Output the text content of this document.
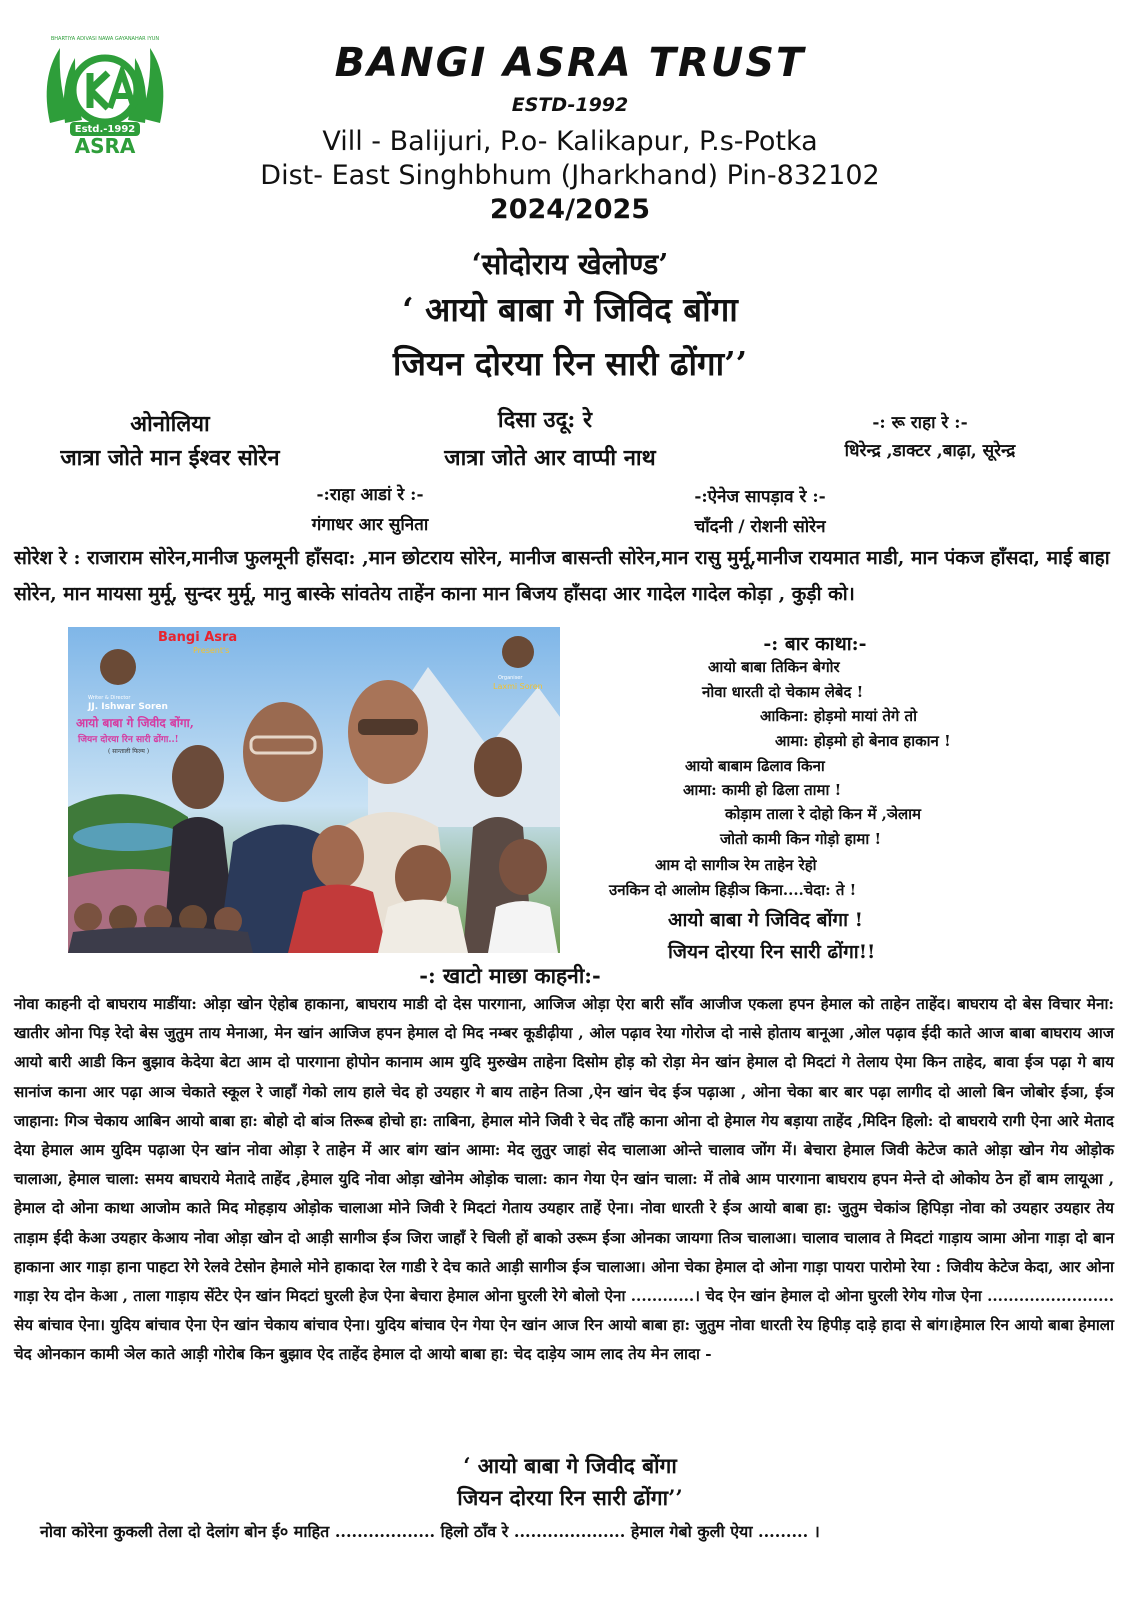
Estd.-1992
ASRA
BHARTIYA ADIVASI NAWA GAYANAHAR IYUN
BANGI ASRA TRUST
ESTD-1992
Vill - Balijuri, P.o- Kalikapur, P.s-Potka
Dist- East Singhbhum (Jharkhand) Pin-832102
2024/2025
‘सोदोराय खेलोण्ड’
‘ आयो बाबा गे जिविद बोंगा
जियन दोरया रिन सारी ढोंगा’’
ओनोलिया
जात्रा जोते मान ईश्वर सोरेन
दिसा उदू: रे
जात्रा जोते आर वाप्पी नाथ
-: रू राहा रे :-
धिरेन्द्र ,डाक्टर ,बाढ़ा, सूरेन्द्र
-:राहा आडां रे :-
गंगाधर आर सुनिता
-:ऐनेज सापड़ाव रे :-
चाँदनी / रोशनी सोरेन
सोरेश रे : राजाराम सोरेन,मानीज फुलमूनी हाँसदा: ,मान छोटराय सोरेन, मानीज बासन्ती सोरेन,मान रासु मुर्मू,मानीज रायमात माडी, मान पंकज हाँसदा, माई बाहा सोरेन, मान मायसा मुर्मू, सुन्दर मुर्मू, मानु बास्के सांवतेय ताहेंन काना मान बिजय हाँसदा आर गादेल गादेल कोड़ा , कुड़ी को।
Bangi Asra
Present's
Writer & Director
JJ. Ishwar Soren
Organiser
Laxmi Soren
आयो बाबा गे जिवीद बोंगा,
जियन दोरया रिन सारी ढोंगा..!
( सान्ताली फिल्म )
-: बार काथा:-
आयो बाबा तिकिन बेगोर
नोवा धारती दो चेकाम लेबेद !
आकिना: होड़मो मायां तेगे तो
आमा: होड़मो हो बेनाव हाकान !
आयो बाबाम ढिलाव किना
आमा: कामी हो ढिला तामा !
कोड़ाम ताला रे दोहो किन में ,ञेलाम
जोतो कामी किन गोड़ो हामा !
आम दो सागीञ रेम ताहेन रेहो
उनकिन दो आलोम हिड़ीञ किना....चेदा: ते !
आयो बाबा गे जिविद बोंगा !
जियन दोरया रिन सारी ढोंगा!!
-: खाटो माछा काहनी:-
नोवा काहनी दो बाघराय माडींया: ओड़ा खोन ऐहोब हाकाना, बाघराय माडी दो देस पारगाना, आजिज ओड़ा ऐरा बारी साँव आजीज एकला हपन हेमाल को ताहेन ताहेंद। बाघराय दो बेस विचार मेना: खातीर ओना पिड़ रेदो बेस जुतुम ताय मेनाआ, मेन खांन आजिज हपन हेमाल दो मिद नम्बर कूडीढ़ीया , ओल पढ़ाव रेया गोरोज दो नासे होताय बानूआ ,ओल पढ़ाव ईदी काते आज बाबा बाघराय आज आयो बारी आडी किन बुझाव केदेया बेटा आम दो पारगाना होपोन कानाम आम युदि मुरुखेम ताहेना दिसोम होड़ को रोड़ा मेन खांन हेमाल दो मिदटां गे तेलाय ऐमा किन ताहेद, बावा ईञ पढ़ा गे बाय सानांज काना आर पढ़ा आञ चेकाते स्कूल रे जाहाँ गेको लाय हाले चेद हो उयहार गे बाय ताहेन तिञा ,ऐन खांन चेद ईञ पढ़ाआ , ओना चेका बार बार पढ़ा लागीद दो आलो बिन जोबोर ईञा, ईञ जाहाना: गिञ चेकाय आबिन आयो बाबा हा: बोहो दो बांञ तिरूब होचो हा: ताबिना, हेमाल मोने जिवी रे चेद ताँहे काना ओना दो हेमाल गेय बड़ाया ताहेंद ,मिदिन हिलो: दो बाघराये रागी ऐना आरे मेताद देया हेमाल आम युदिम पढ़ाआ ऐन खांन नोवा ओड़ा रे ताहेन में आर बांग खांन आमा: मेद लुतुर जाहां सेद चालाआ ओन्ते चालाव जोंग में। बेचारा हेमाल जिवी केटेज काते ओड़ा खोन गेय ओड़ोक चालाआ, हेमाल चाला: समय बाघराये मेतादे ताहेंद ,हेमाल युदि नोवा ओड़ा खोनेम ओड़ोक चाला: कान गेया ऐन खांन चाला: में तोबे आम पारगाना बाघराय हपन मेन्ते दो ओकोय ठेन हों बाम लायूआ , हेमाल दो ओना काथा आजोम काते मिद मोहड़ाय ओड़ोक चालाआ मोने जिवी रे मिदटां गेताय उयहार ताहें ऐना। नोवा धारती रे ईञ आयो बाबा हा: जुतुम चेकांञ हिपिड़ा नोवा को उयहार उयहार तेय ताड़ाम ईदी केआ उयहार केआय नोवा ओड़ा खोन दो आड़ी सागीञ ईञ जिरा जाहाँ रे चिली हों बाको उरूम ईञा ओनका जायगा तिञ चालाआ। चालाव चालाव ते मिदटां गाड़ाय ञामा ओना गाड़ा दो बान हाकाना आर गाड़ा हाना पाहटा रेगे रेलवे टेसोन हेमाले मोने हाकादा रेल गाडी रे देच काते आड़ी सागीञ ईञ चालाआ। ओना चेका हेमाल दो ओना गाड़ा पायरा पारोमो रेया : जिवीय केटेज केदा, आर ओना गाड़ा रेय दोन केआ , ताला गाड़ाय सेंटेर ऐन खांन मिदटां घुरली हेज ऐना बेचारा हेमाल ओना घुरली रेगे बोलो ऐना ............। चेद ऐन खांन हेमाल दो ओना घुरली रेगेय गोज ऐना ........................ सेय बांचाव ऐना। युदिय बांचाव ऐना ऐन खांन चेकाय बांचाव ऐना। युदिय बांचाव ऐन गेया ऐन खांन आज रिन आयो बाबा हा: जुतुम नोवा धारती रेय हिपीड़ दाड़े हादा से बांग।हेमाल रिन आयो बाबा हेमाला चेद ओनकान कामी ञेल काते आड़ी गोरोब किन बुझाव ऐद ताहेंद हेमाल दो आयो बाबा हा: चेद दाड़ेय ञाम लाद तेय मेन लादा -
‘ आयो बाबा गे जिवीद बोंगा
जियन दोरया रिन सारी ढोंगा’’
नोवा कोरेना कुकली तेला दो देलांग बोन ई० माहित .................. हिलो ठाँव रे .................... हेमाल गेबो कुली ऐया ......... ।
